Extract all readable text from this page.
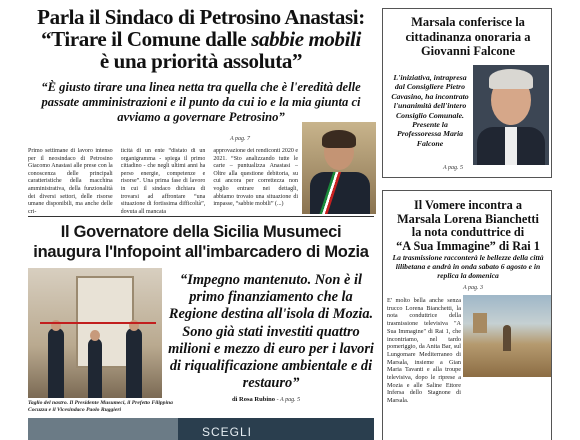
Parla il Sindaco di Petrosino Anastasi:
“Tirare il Comune dalle sabbie mobili
è una priorità assoluta”

“È giusto tirare una linea netta tra quella che è l'eredità delle passate amministrazioni e il punto da cui io e la mia giunta ci avviamo a governare Petrosino”

A pag. 7
Primo settimane di lavoro intenso per il neosindaco di Petrosino Giacomo Anastasi alle prese con la conoscenza delle principali caratteristiche della macchina amministrativa, della funzionalità dei diversi settori, delle risorse umane disponibili, ma anche delle cri-
ticità di un ente “distato di un organigramma - spiega il primo cittadino - che negli ultimi anni ha perso energie, competenze e risorse”. Una prima fase di lavoro in cui il sindaco dichiara di trovarsi ad affrontare “una situazione di fortissima difficoltà”, dovuta all mancata
approvazione dei rendiconti 2020 e 2021. “Sto analizzando tutte le carte – puntualizza Anastasi – Oltre alla questione debitoria, su cui ancora per correttezza non voglio entrare nei dettagli, abbiamo trovato una situazione di impasse, “sabbie mobili” (...)
Il Governatore della Sicilia Musumeci
inaugura l'Infopoint all'imbarcadero di Mozia

Taglio del nastro. Il Presidente Musumeci, il Prefetto Filippina Cocuzza e il Vicesindaco Paolo Ruggieri

“Impegno mantenuto. Non è il primo finanziamento che la Regione destina all'isola di Mozia. Sono già stati investiti quattro milioni e mezzo di euro per i lavori di riqualificazione ambientale e di restauro”

di Rosa Rubino - A pag. 5

SCEGLI
Marsala conferisce la cittadinanza onoraria a Giovanni Falcone

L'iniziativa, intrapresa dal Consigliere Pietro Cavasino, ha incontrato l'unanimità dell'intero Consiglio Comunale. Presente la Professoressa Maria Falcone

A pag. 5
Il Vomere incontra a
Marsala Lorena Bianchetti
la nota conduttrice di
“A Sua Immagine” di Rai 1

La trasmissione racconterà le bellezze della città lilibetana e andrà in onda sabato 6 agosto e in replica la domenica

A pag. 3

E' molto bella anche senza trucco Lorena Bianchetti, la nota conduttrice della trasmissione televisiva "A Sua Immagine" di Rai 1, che incontriamo, nel tardo pomeriggio, da Anita Bar, sul Lungomare Mediterraneo di Marsala, insieme a Gian Maria Tavanti e alla troupe televisiva, dopo le riprese a Mozia e alle Saline Ettore Infersa dello Stagnone di Marsala.
